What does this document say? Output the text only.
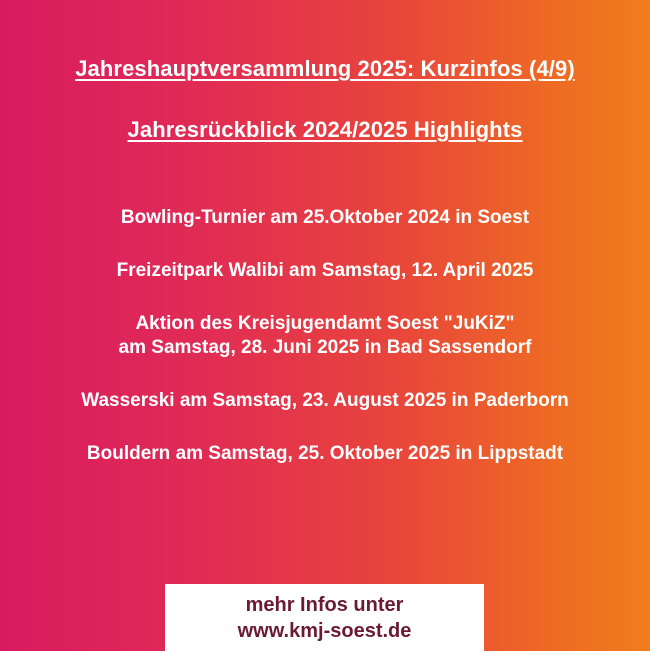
Jahreshauptversammlung 2025: Kurzinfos (4/9)
Jahresrückblick 2024/2025 Highlights
Bowling-Turnier am 25.Oktober 2024 in Soest
Freizeitpark Walibi am Samstag, 12. April 2025
Aktion des Kreisjugendamt Soest "JuKiZ"
am Samstag, 28. Juni 2025 in Bad Sassendorf
Wasserski am Samstag, 23. August 2025 in Paderborn
Bouldern am Samstag, 25. Oktober 2025 in Lippstadt
mehr Infos unter
www.kmj-soest.de
